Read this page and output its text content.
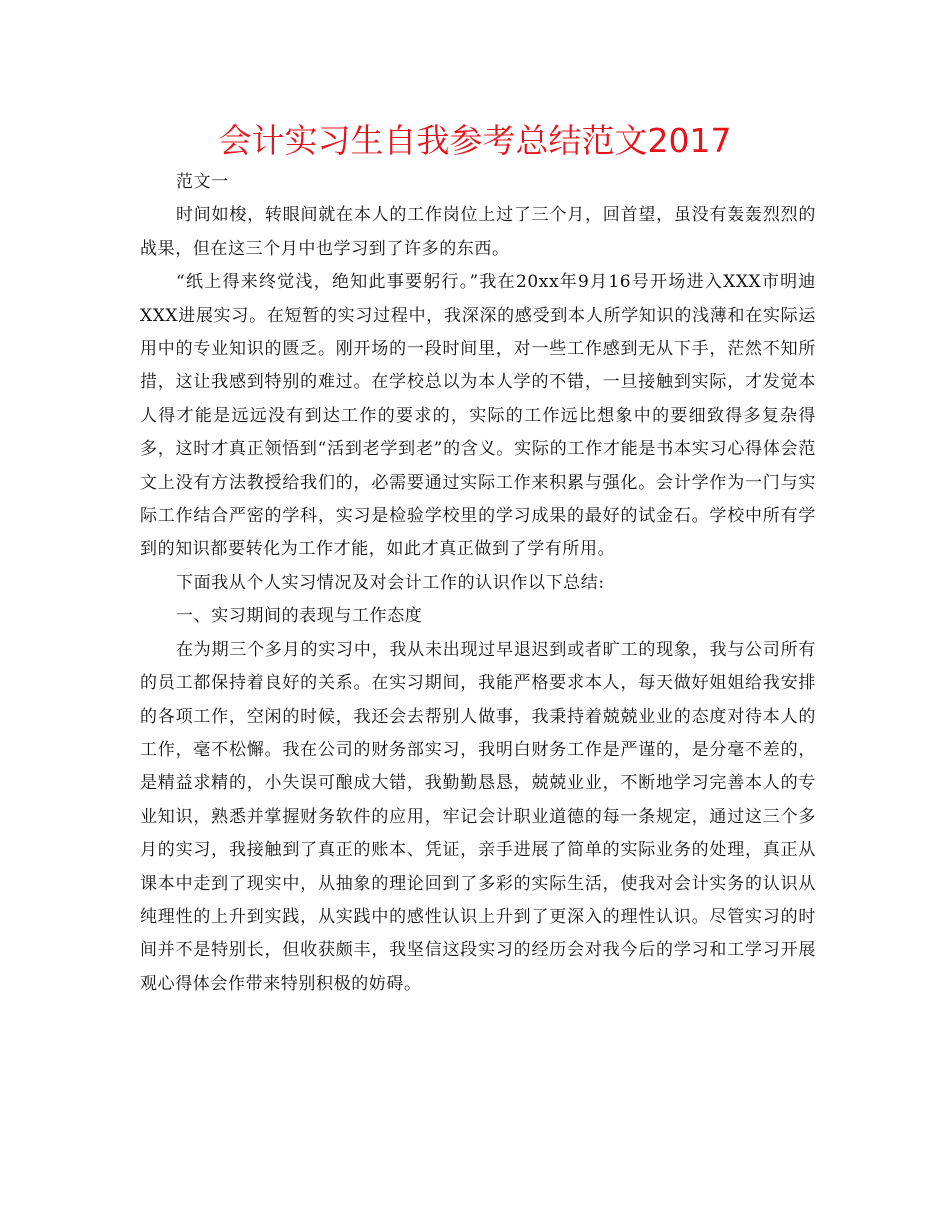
会计实习生自我参考总结范文2017

范文一

时间如梭，转眼间就在本人的工作岗位上过了三个月，回首望，虽没有轰轰烈烈的战果，但在这三个月中也学习到了许多的东西。

“纸上得来终觉浅，绝知此事要躬行。”我在20xx年9月16号开场进入XXX市明迪XXX进展实习。在短暂的实习过程中，我深深的感受到本人所学知识的浅薄和在实际运用中的专业知识的匮乏。刚开场的一段时间里，对一些工作感到无从下手，茫然不知所措，这让我感到特别的难过。在学校总以为本人学的不错，一旦接触到实际，才发觉本人得才能是远远没有到达工作的要求的，实际的工作远比想象中的要细致得多复杂得多，这时才真正领悟到“活到老学到老”的含义。实际的工作才能是书本实习心得体会范文上没有方法教授给我们的，必需要通过实际工作来积累与强化。会计学作为一门与实际工作结合严密的学科，实习是检验学校里的学习成果的最好的试金石。学校中所有学到的知识都要转化为工作才能，如此才真正做到了学有所用。

下面我从个人实习情况及对会计工作的认识作以下总结:

一、实习期间的表现与工作态度

在为期三个多月的实习中，我从未出现过早退迟到或者旷工的现象，我与公司所有的员工都保持着良好的关系。在实习期间，我能严格要求本人，每天做好姐姐给我安排的各项工作，空闲的时候，我还会去帮别人做事，我秉持着兢兢业业的态度对待本人的工作，毫不松懈。我在公司的财务部实习，我明白财务工作是严谨的，是分毫不差的，是精益求精的，小失误可酿成大错，我勤勤恳恳，兢兢业业，不断地学习完善本人的专业知识，熟悉并掌握财务软件的应用，牢记会计职业道德的每一条规定，通过这三个多月的实习，我接触到了真正的账本、凭证，亲手进展了简单的实际业务的处理，真正从课本中走到了现实中，从抽象的理论回到了多彩的实际生活，使我对会计实务的认识从纯理性的上升到实践，从实践中的感性认识上升到了更深入的理性认识。尽管实习的时间并不是特别长，但收获颇丰，我坚信这段实习的经历会对我今后的学习和工学习开展观心得体会作带来特别积极的妨碍。
